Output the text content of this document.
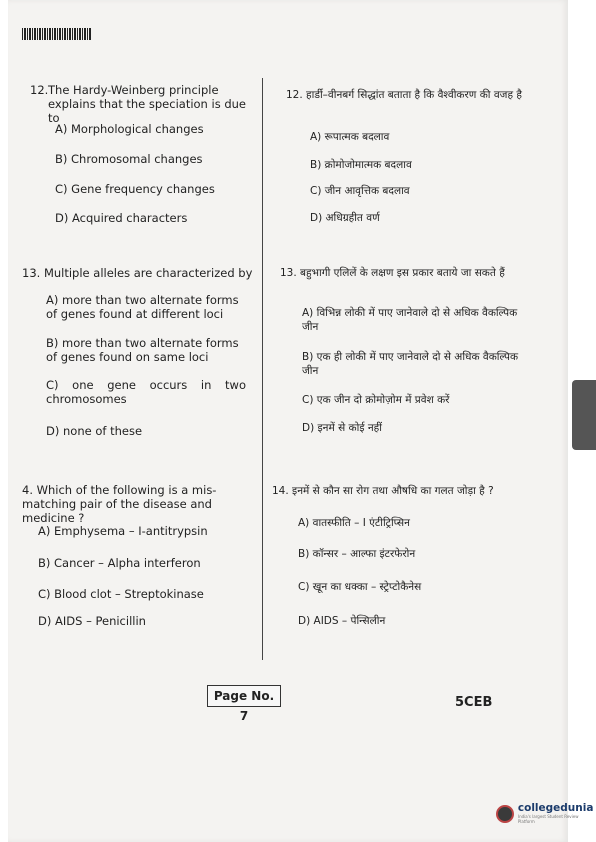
12. The Hardy-Weinberg principle explains that the speciation is due to
A) Morphological changes
B) Chromosomal changes
C) Gene frequency changes
D) Acquired characters
12. हार्डी–वीनबर्ग सिद्धांत बताता है कि वैश्वीकरण की वजह है
A) रूपात्मक बदलाव
B) क्रोमोजोमात्मक बदलाव
C) जीन आवृत्तिक बदलाव
D) अधिग्रहीत वर्ण
13. Multiple alleles are characterized by
A) more than two alternate forms of genes found at different loci
B) more than two alternate forms of genes found on same loci
C) one gene occurs in two chromosomes
D) none of these
13. बहुभागी एलिलें के लक्षण इस प्रकार बताये जा सकते हैं
A) विभिन्न लोकी में पाए जानेवाले दो से अधिक वैकल्पिक जीन
B) एक ही लोकी में पाए जानेवाले दो से अधिक वैकल्पिक जीन
C) एक जीन दो क्रोमोज़ोम में प्रवेश करें
D) इनमें से कोई नहीं
4. Which of the following is a mis-matching pair of the disease and medicine ?
A) Emphysema – I-antitrypsin
B) Cancer – Alpha interferon
C) Blood clot – Streptokinase
D) AIDS – Penicillin
14. इनमें से कौन सा रोग तथा औषधि का गलत जोड़ा है ?
A) वातस्फीति – I एंटीट्रिप्सिन
B) कॉन्सर – आल्फा इंटरफेरोन
C) खून का धक्का – स्ट्रेप्टोकैनेस
D) AIDS – पेन्सिलीन
Page No. 7
5CEB
collegedunia
India's largest Student Review Platform
